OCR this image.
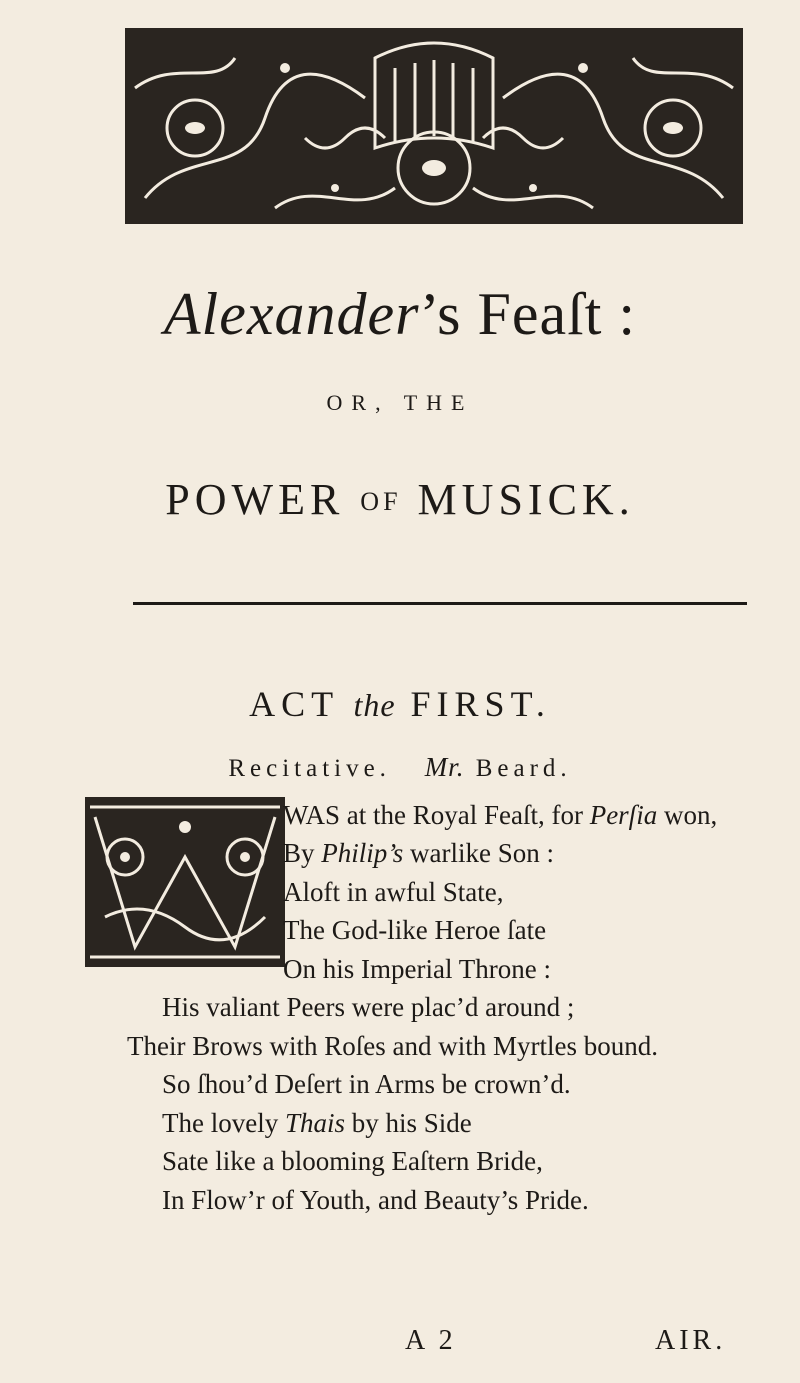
Alexander’s Feaſt :
OR, THE
POWER OF MUSICK.
ACT the FIRST.
Recitative. Mr. Beard.
WAS at the Royal Feaſt, for Perſia won,
By Philip’s warlike Son :
Aloft in awful State,
The God-like Heroe ſate
On his Imperial Throne :
His valiant Peers were plac’d around ;
Their Brows with Roſes and with Myrtles bound.
So ſhou’d Deſert in Arms be crown’d.
The lovely Thais by his Side
Sate like a blooming Eaſtern Bride,
In Flow’r of Youth, and Beauty’s Pride.
A 2	AIR.
